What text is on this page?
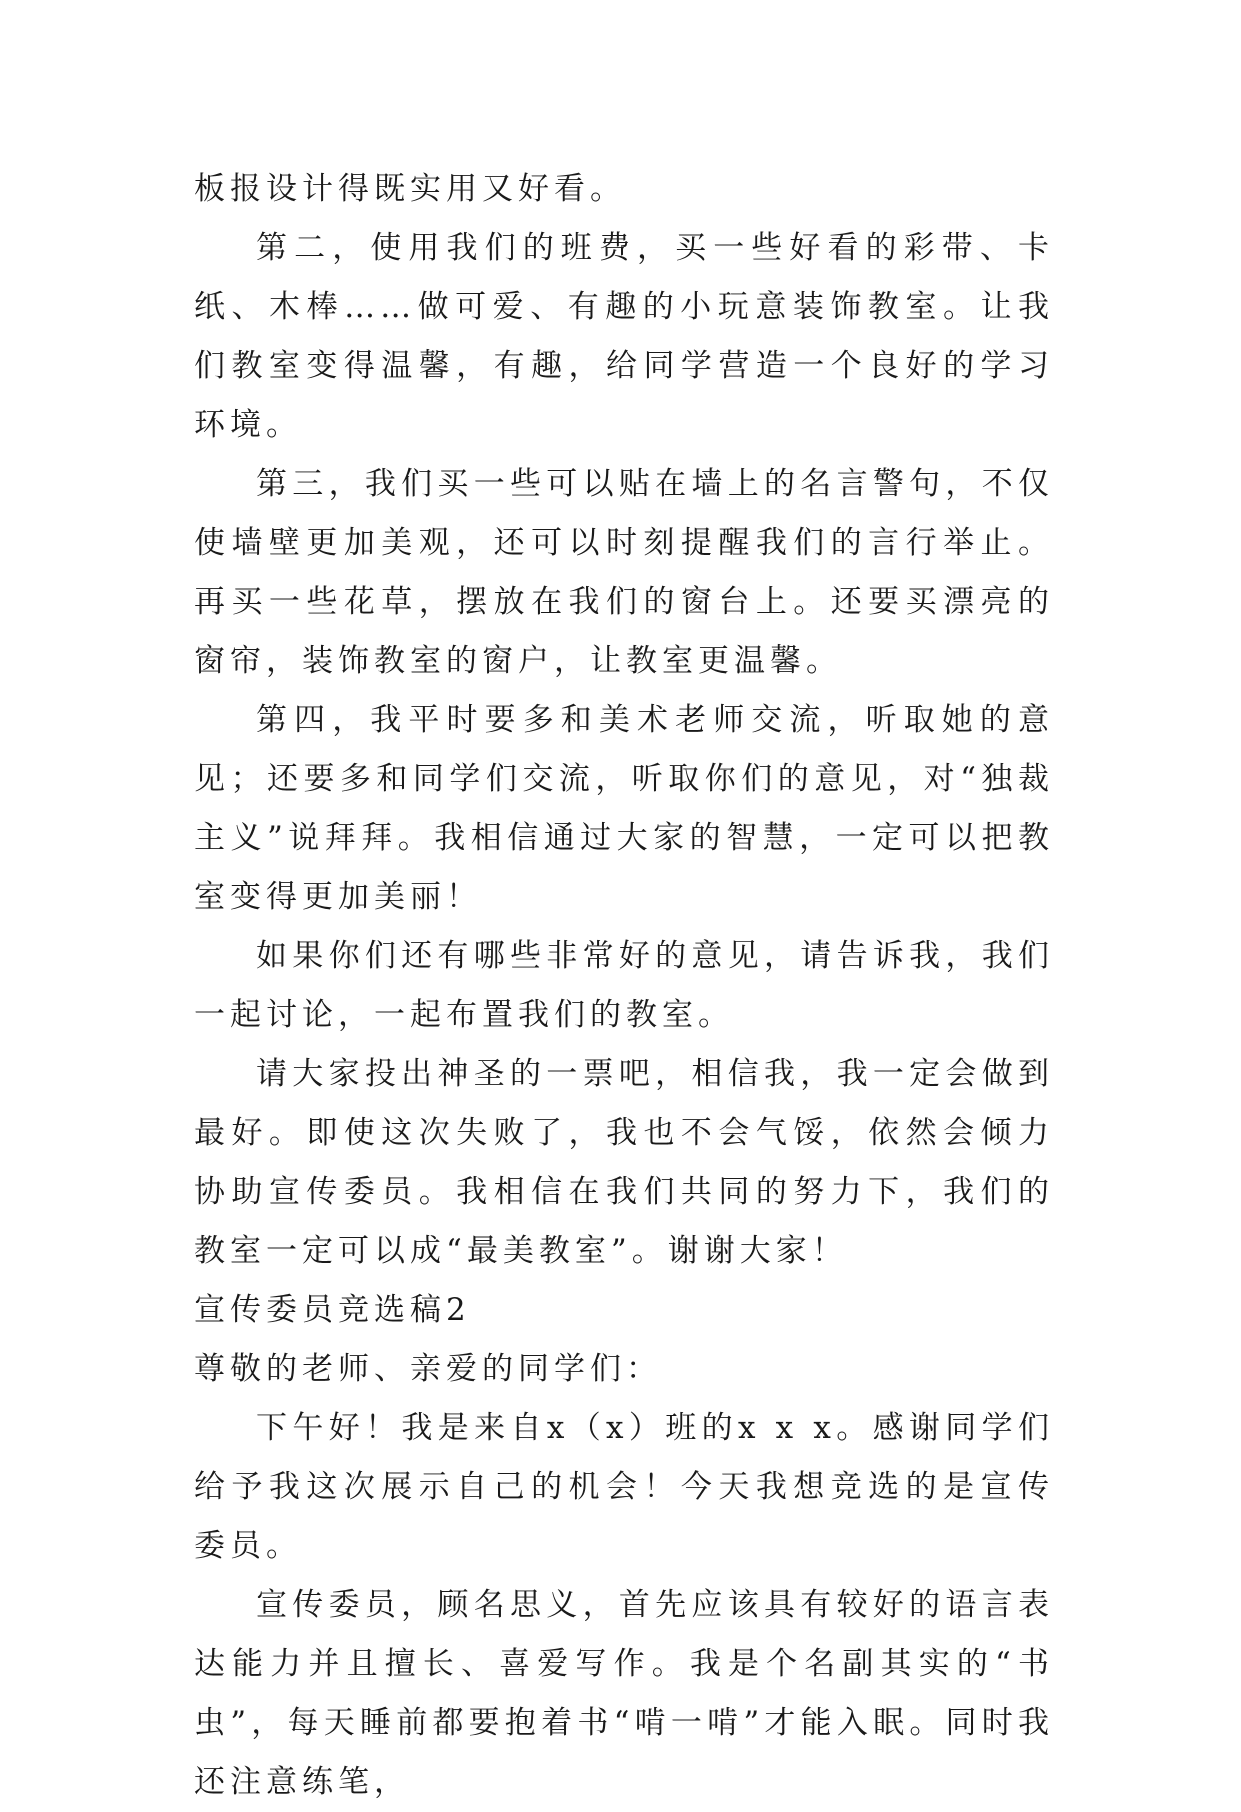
板报设计得既实用又好看。

第二，使用我们的班费，买一些好看的彩带、卡纸、木棒……做可爱、有趣的小玩意装饰教室。让我们教室变得温馨，有趣，给同学营造一个良好的学习环境。

第三，我们买一些可以贴在墙上的名言警句，不仅使墙壁更加美观，还可以时刻提醒我们的言行举止。再买一些花草，摆放在我们的窗台上。还要买漂亮的窗帘，装饰教室的窗户，让教室更温馨。

第四，我平时要多和美术老师交流，听取她的意见；还要多和同学们交流，听取你们的意见，对“独裁主义”说拜拜。我相信通过大家的智慧，一定可以把教室变得更加美丽！

如果你们还有哪些非常好的意见，请告诉我，我们一起讨论，一起布置我们的教室。

请大家投出神圣的一票吧，相信我，我一定会做到最好。即使这次失败了，我也不会气馁，依然会倾力协助宣传委员。我相信在我们共同的努力下，我们的教室一定可以成“最美教室”。谢谢大家！

宣传委员竞选稿2

尊敬的老师、亲爱的同学们：

下午好！我是来自x（x）班的x x x。感谢同学们给予我这次展示自己的机会！今天我想竞选的是宣传委员。

宣传委员，顾名思义，首先应该具有较好的语言表达能力并且擅长、喜爱写作。我是个名副其实的“书虫”，每天睡前都要抱着书“啃一啃”才能入眠。同时我还注意练笔，
